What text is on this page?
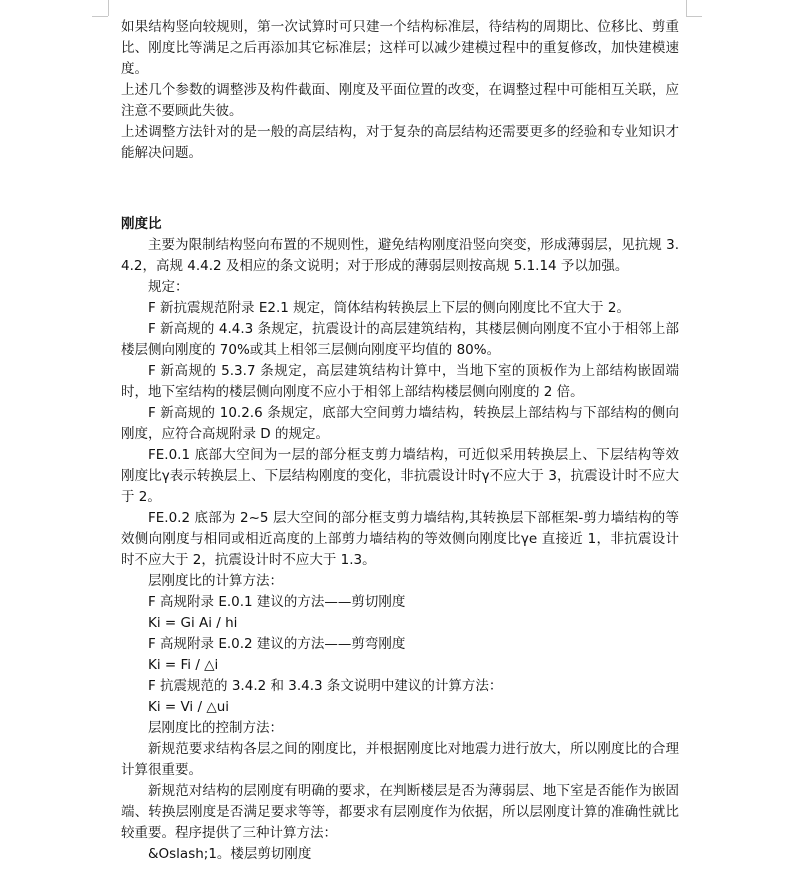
如果结构竖向较规则，第一次试算时可只建一个结构标准层，待结构的周期比、位移比、剪重比、刚度比等满足之后再添加其它标准层；这样可以减少建模过程中的重复修改，加快建模速度。

上述几个参数的调整涉及构件截面、刚度及平面位置的改变，在调整过程中可能相互关联，应注意不要顾此失彼。

上述调整方法针对的是一般的高层结构，对于复杂的高层结构还需要更多的经验和专业知识才能解决问题。

刚度比

主要为限制结构竖向布置的不规则性，避免结构刚度沿竖向突变，形成薄弱层，见抗规 3.4.2，高规 4.4.2 及相应的条文说明；对于形成的薄弱层则按高规 5.1.14 予以加强。

规定：

F 新抗震规范附录 E2.1 规定，筒体结构转换层上下层的侧向刚度比不宜大于 2。

F 新高规的 4.4.3 条规定，抗震设计的高层建筑结构，其楼层侧向刚度不宜小于相邻上部楼层侧向刚度的 70%或其上相邻三层侧向刚度平均值的 80%。

F 新高规的 5.3.7 条规定，高层建筑结构计算中，当地下室的顶板作为上部结构嵌固端时，地下室结构的楼层侧向刚度不应小于相邻上部结构楼层侧向刚度的 2 倍。

F 新高规的 10.2.6 条规定，底部大空间剪力墙结构，转换层上部结构与下部结构的侧向刚度，应符合高规附录 D 的规定。

FE.0.1 底部大空间为一层的部分框支剪力墙结构，可近似采用转换层上、下层结构等效刚度比γ表示转换层上、下层结构刚度的变化，非抗震设计时γ不应大于 3，抗震设计时不应大于 2。

FE.0.2 底部为 2~5 层大空间的部分框支剪力墙结构,其转换层下部框架-剪力墙结构的等效侧向刚度与相同或相近高度的上部剪力墙结构的等效侧向刚度比γe 直接近 1，非抗震设计时不应大于 2，抗震设计时不应大于 1.3。

层刚度比的计算方法：

F 高规附录 E.0.1 建议的方法——剪切刚度

Ki = Gi Ai / hi

F 高规附录 E.0.2 建议的方法——剪弯刚度

Ki = Fi / △i

F 抗震规范的 3.4.2 和 3.4.3 条文说明中建议的计算方法：

Ki = Vi / △ui

层刚度比的控制方法：

新规范要求结构各层之间的刚度比，并根据刚度比对地震力进行放大，所以刚度比的合理计算很重要。

新规范对结构的层刚度有明确的要求，在判断楼层是否为薄弱层、地下室是否能作为嵌固端、转换层刚度是否满足要求等等，都要求有层刚度作为依据，所以层刚度计算的准确性就比较重要。程序提供了三种计算方法：

&Oslash;1。楼层剪切刚度
